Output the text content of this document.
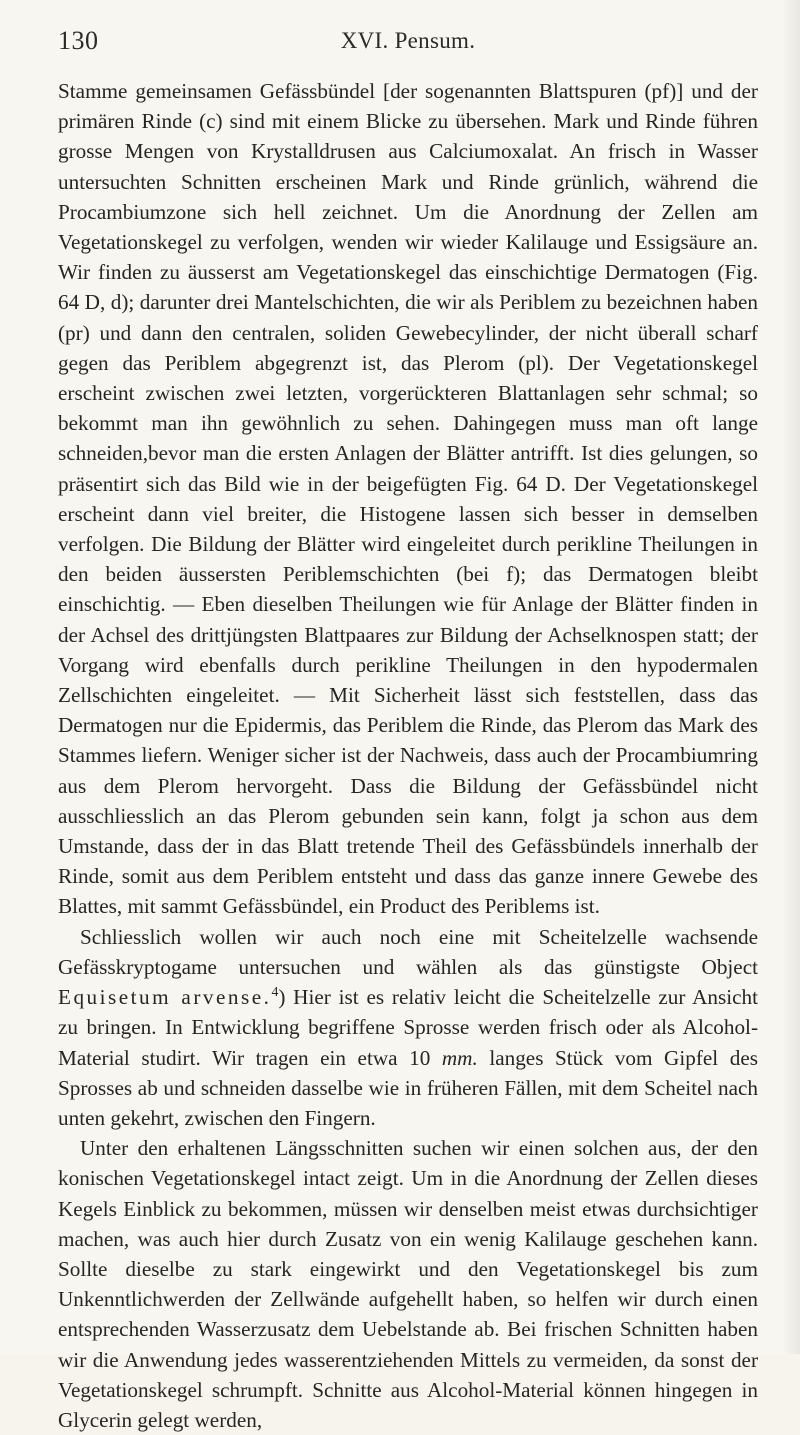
130	XVI. Pensum.

Stamme gemeinsamen Gefässbündel [der sogenannten Blattspuren (pf)] und der primären Rinde (c) sind mit einem Blicke zu übersehen. Mark und Rinde führen grosse Mengen von Krystalldrusen aus Calciumoxalat. An frisch in Wasser untersuchten Schnitten erscheinen Mark und Rinde grünlich, während die Procambiumzone sich hell zeichnet. Um die Anordnung der Zellen am Vegetationskegel zu verfolgen, wenden wir wieder Kalilauge und Essigsäure an. Wir finden zu äusserst am Vegetationskegel das einschichtige Dermatogen (Fig. 64 D, d); darunter drei Mantelschichten, die wir als Periblem zu bezeichnen haben (pr) und dann den centralen, soliden Gewebecylinder, der nicht überall scharf gegen das Periblem abgegrenzt ist, das Plerom (pl). Der Vegetationskegel erscheint zwischen zwei letzten, vorgerückteren Blattanlagen sehr schmal; so bekommt man ihn gewöhnlich zu sehen. Dahingegen muss man oft lange schneiden,bevor man die ersten Anlagen der Blätter antrifft. Ist dies gelungen, so präsentirt sich das Bild wie in der beigefügten Fig. 64 D. Der Vegetationskegel erscheint dann viel breiter, die Histogene lassen sich besser in demselben verfolgen. Die Bildung der Blätter wird eingeleitet durch perikline Theilungen in den beiden äussersten Periblemschichten (bei f); das Dermatogen bleibt einschichtig. — Eben dieselben Theilungen wie für Anlage der Blätter finden in der Achsel des drittjüngsten Blattpaares zur Bildung der Achselknospen statt; der Vorgang wird ebenfalls durch perikline Theilungen in den hypodermalen Zellschichten eingeleitet. — Mit Sicherheit lässt sich feststellen, dass das Dermatogen nur die Epidermis, das Periblem die Rinde, das Plerom das Mark des Stammes liefern. Weniger sicher ist der Nachweis, dass auch der Procambiumring aus dem Plerom hervorgeht. Dass die Bildung der Gefässbündel nicht ausschliesslich an das Plerom gebunden sein kann, folgt ja schon aus dem Umstande, dass der in das Blatt tretende Theil des Gefässbündels innerhalb der Rinde, somit aus dem Periblem entsteht und dass das ganze innere Gewebe des Blattes, mit sammt Gefässbündel, ein Product des Periblems ist.

Schliesslich wollen wir auch noch eine mit Scheitelzelle wachsende Gefässkryptogame untersuchen und wählen als das günstigste Object Equisetum arvense.$^4$) Hier ist es relativ leicht die Scheitelzelle zur Ansicht zu bringen. In Entwicklung begriffene Sprosse werden frisch oder als Alcohol-Material studirt. Wir tragen ein etwa 10 mm. langes Stück vom Gipfel des Sprosses ab und schneiden dasselbe wie in früheren Fällen, mit dem Scheitel nach unten gekehrt, zwischen den Fingern.

Unter den erhaltenen Längsschnitten suchen wir einen solchen aus, der den konischen Vegetationskegel intact zeigt. Um in die Anordnung der Zellen dieses Kegels Einblick zu bekommen, müssen wir denselben meist etwas durchsichtiger machen, was auch hier durch Zusatz von ein wenig Kalilauge geschehen kann. Sollte dieselbe zu stark eingewirkt und den Vegetationskegel bis zum Unkenntlichwerden der Zellwände aufgehellt haben, so helfen wir durch einen entsprechenden Wasserzusatz dem Uebelstande ab. Bei frischen Schnitten haben wir die Anwendung jedes wasserentziehenden Mittels zu vermeiden, da sonst der Vegetationskegel schrumpft. Schnitte aus Alcohol-Material können hingegen in Glycerin gelegt werden,
